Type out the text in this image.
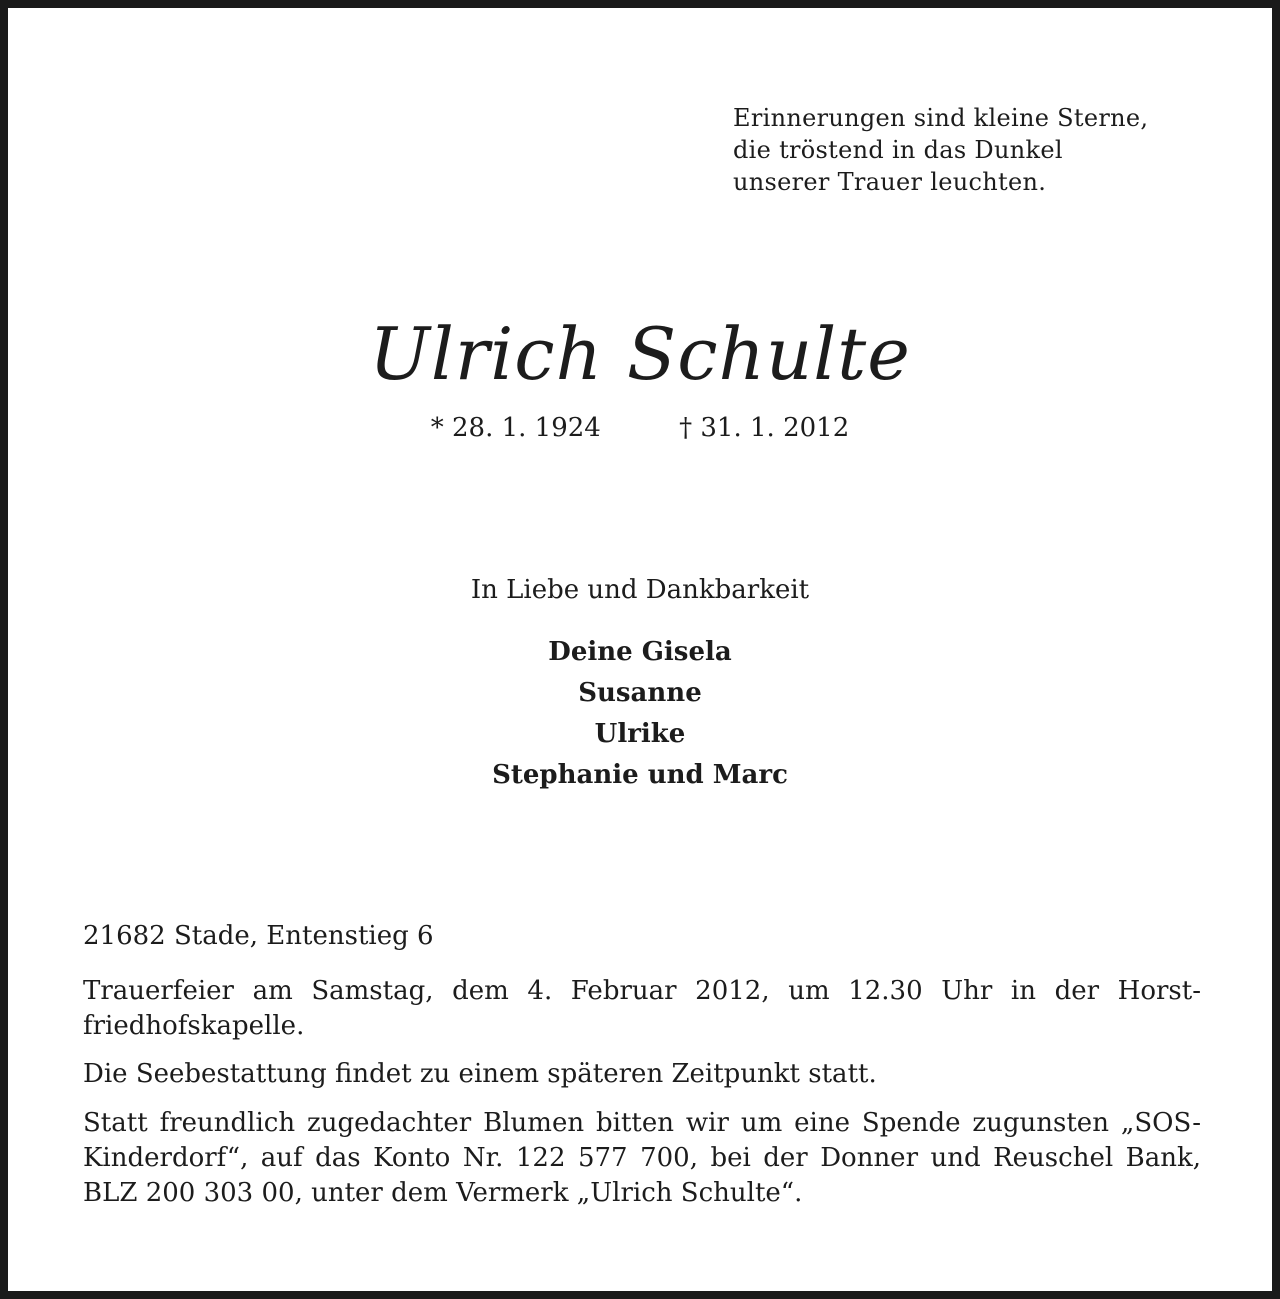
Erinnerungen sind kleine Sterne,
die tröstend in das Dunkel
unserer Trauer leuchten.
Ulrich Schulte
* 28. 1. 1924	† 31. 1. 2012
In Liebe und Dankbarkeit
Deine Gisela
Susanne
Ulrike
Stephanie und Marc
21682 Stade, Entenstieg 6
Trauerfeier am Samstag, dem 4. Februar 2012, um 12.30 Uhr in der Horst-friedhofskapelle.
Die Seebestattung findet zu einem späteren Zeitpunkt statt.
Statt freundlich zugedachter Blumen bitten wir um eine Spende zugunsten „SOS-Kinderdorf“, auf das Konto Nr. 122 577 700, bei der Donner und Reuschel Bank, BLZ 200 303 00, unter dem Vermerk „Ulrich Schulte“.
